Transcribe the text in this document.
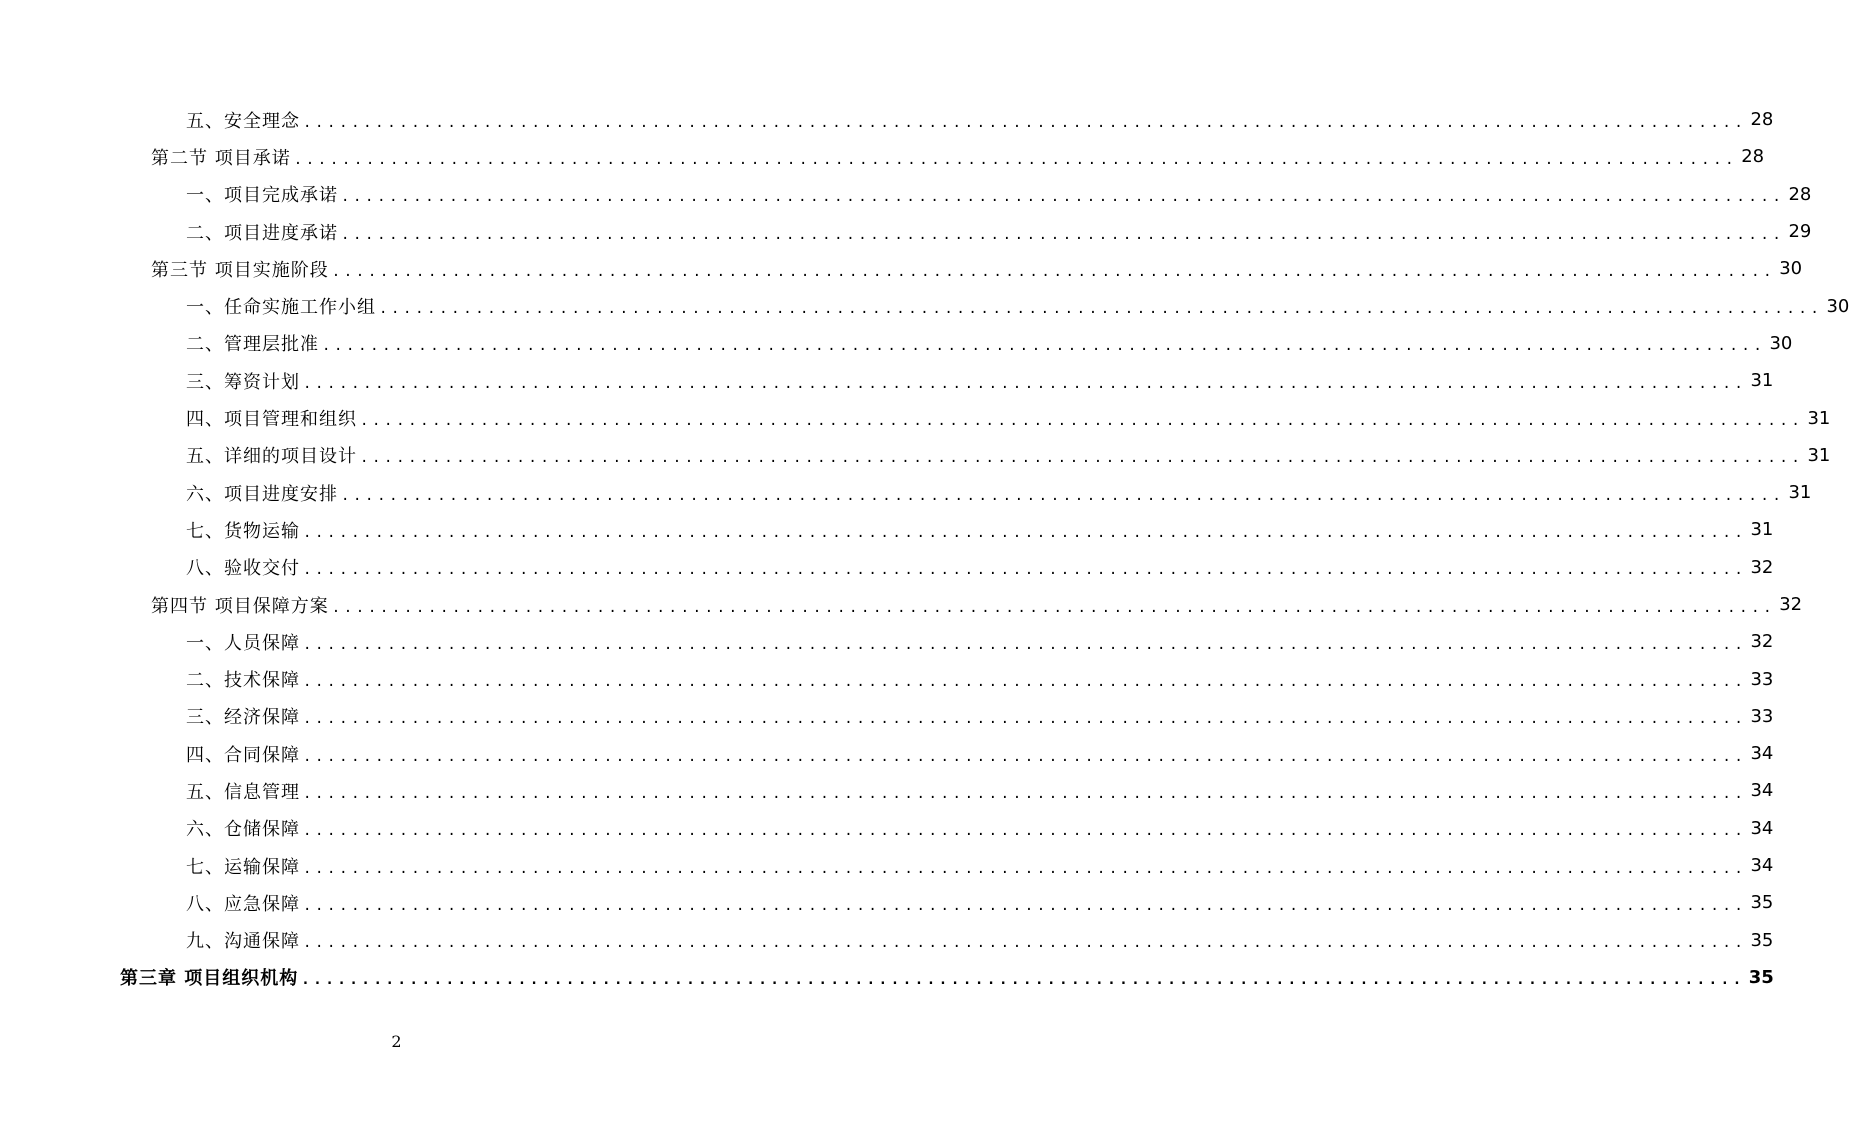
五、安全理念 ........................................................................................................................ 28
第二节 项目承诺 ........................................................................................................................ 28
一、项目完成承诺 ........................................................................................................................ 28
二、项目进度承诺 ........................................................................................................................ 29
第三节 项目实施阶段 ........................................................................................................................ 30
一、任命实施工作小组 ........................................................................................................................ 30
二、管理层批准 ........................................................................................................................ 30
三、筹资计划 ........................................................................................................................ 31
四、项目管理和组织 ........................................................................................................................ 31
五、详细的项目设计 ........................................................................................................................ 31
六、项目进度安排 ........................................................................................................................ 31
七、货物运输 ........................................................................................................................ 31
八、验收交付 ........................................................................................................................ 32
第四节 项目保障方案 ........................................................................................................................ 32
一、人员保障 ........................................................................................................................ 32
二、技术保障 ........................................................................................................................ 33
三、经济保障 ........................................................................................................................ 33
四、合同保障 ........................................................................................................................ 34
五、信息管理 ........................................................................................................................ 34
六、仓储保障 ........................................................................................................................ 34
七、运输保障 ........................................................................................................................ 34
八、应急保障 ........................................................................................................................ 35
九、沟通保障 ........................................................................................................................ 35
第三章 项目组织机构 ........................................................................................................................ 35
2
